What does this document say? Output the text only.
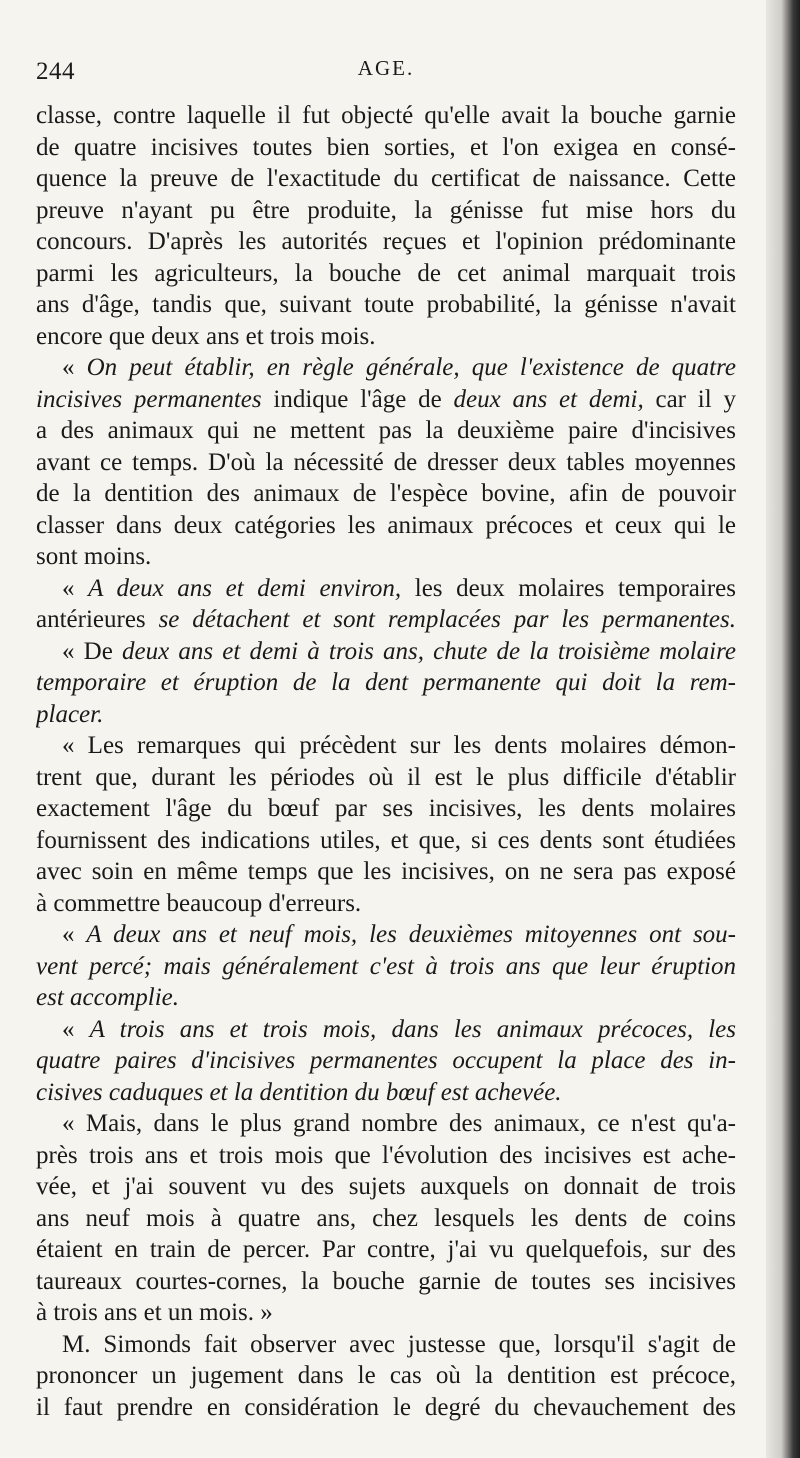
244	AGE.
classe, contre laquelle il fut objecté qu'elle avait la bouche garnie
de quatre incisives toutes bien sorties, et l'on exigea en consé-
quence la preuve de l'exactitude du certificat de naissance. Cette
preuve n'ayant pu être produite, la génisse fut mise hors du
concours. D'après les autorités reçues et l'opinion prédominante
parmi les agriculteurs, la bouche de cet animal marquait trois
ans d'âge, tandis que, suivant toute probabilité, la génisse n'avait
encore que deux ans et trois mois.
« On peut établir, en règle générale, que l'existence de quatre
incisives permanentes indique l'âge de deux ans et demi, car il y
a des animaux qui ne mettent pas la deuxième paire d'incisives
avant ce temps. D'où la nécessité de dresser deux tables moyennes
de la dentition des animaux de l'espèce bovine, afin de pouvoir
classer dans deux catégories les animaux précoces et ceux qui le
sont moins.
« A deux ans et demi environ, les deux molaires temporaires
antérieures se détachent et sont remplacées par les permanentes.
« De deux ans et demi à trois ans, chute de la troisième molaire
temporaire et éruption de la dent permanente qui doit la rem-
placer.
« Les remarques qui précèdent sur les dents molaires démon-
trent que, durant les périodes où il est le plus difficile d'établir
exactement l'âge du bœuf par ses incisives, les dents molaires
fournissent des indications utiles, et que, si ces dents sont étudiées
avec soin en même temps que les incisives, on ne sera pas exposé
à commettre beaucoup d'erreurs.
« A deux ans et neuf mois, les deuxièmes mitoyennes ont sou-
vent percé; mais généralement c'est à trois ans que leur éruption
est accomplie.
« A trois ans et trois mois, dans les animaux précoces, les
quatre paires d'incisives permanentes occupent la place des in-
cisives caduques et la dentition du bœuf est achevée.
« Mais, dans le plus grand nombre des animaux, ce n'est qu'a-
près trois ans et trois mois que l'évolution des incisives est ache-
vée, et j'ai souvent vu des sujets auxquels on donnait de trois
ans neuf mois à quatre ans, chez lesquels les dents de coins
étaient en train de percer. Par contre, j'ai vu quelquefois, sur des
taureaux courtes-cornes, la bouche garnie de toutes ses incisives
à trois ans et un mois. »
M. Simonds fait observer avec justesse que, lorsqu'il s'agit de
prononcer un jugement dans le cas où la dentition est précoce,
il faut prendre en considération le degré du chevauchement des
